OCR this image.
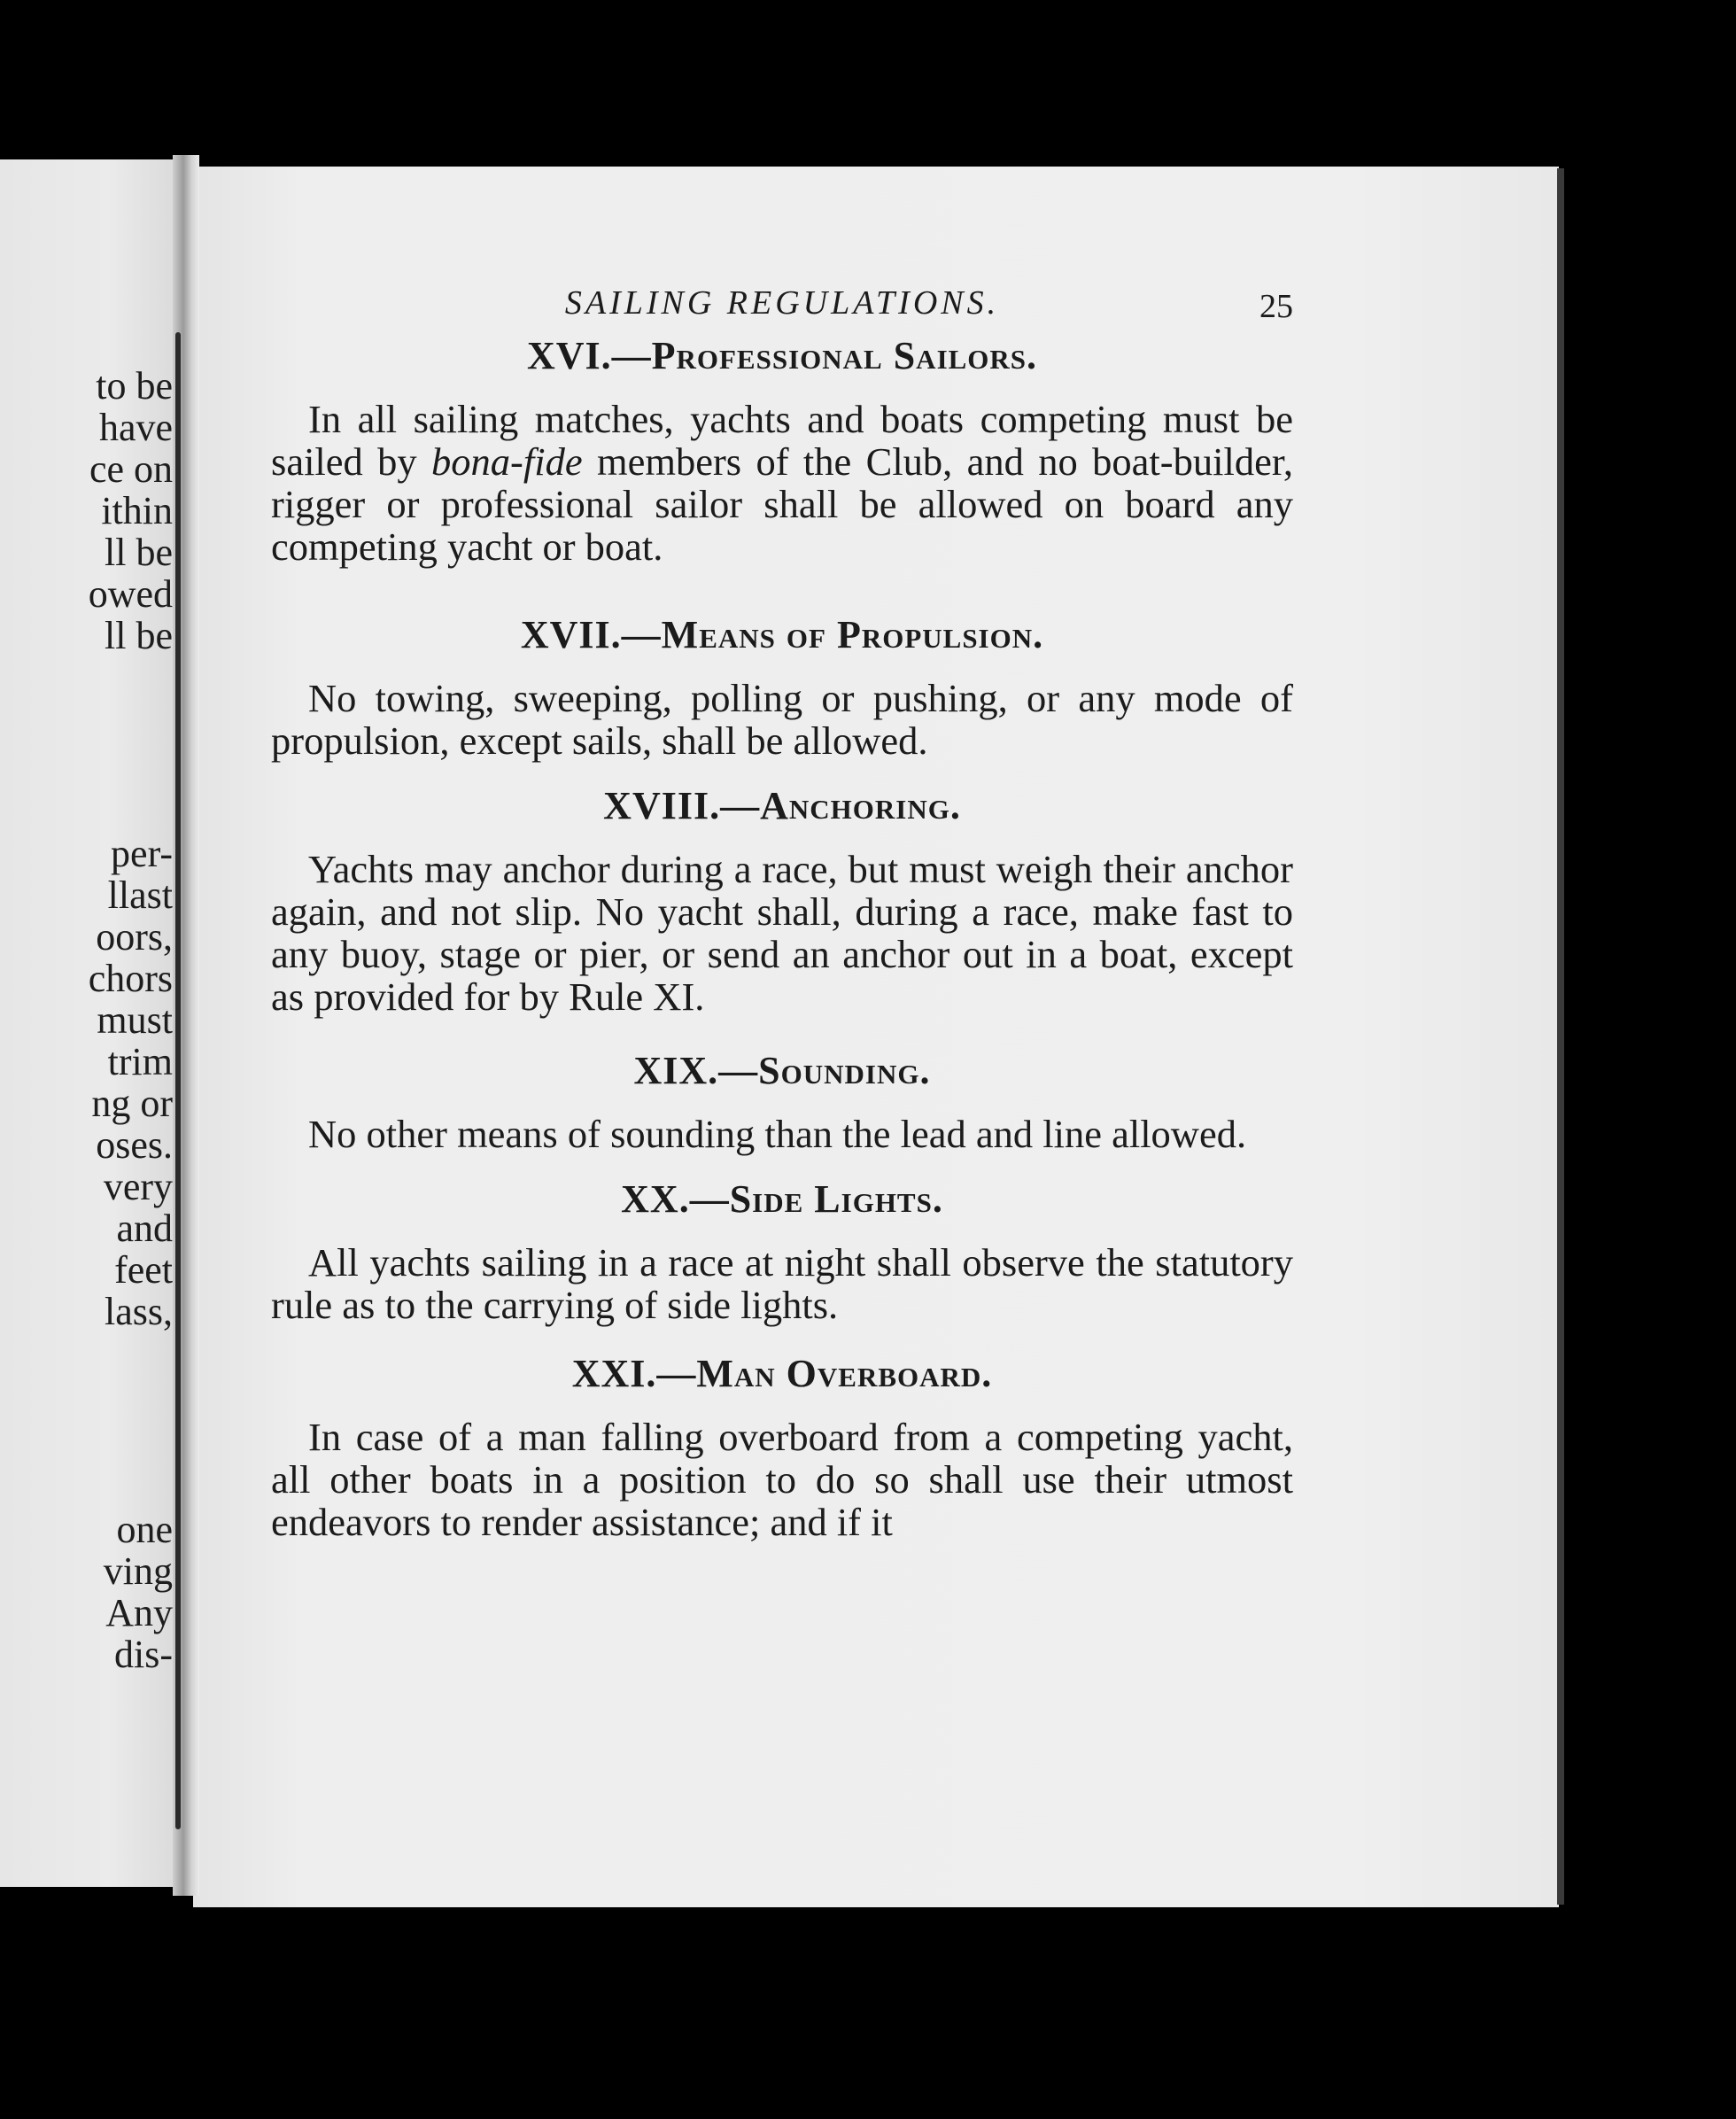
to be
have
ce on
ithin
ll be
owed
ll be
per-
llast
oors,
chors
must
trim
ng or
oses.
very
and
feet
lass,
one
ving
Any
dis-
SAILING REGULATIONS.	25
XVI.—Professional Sailors.

In all sailing matches, yachts and boats competing must be sailed by bona-fide members of the Club, and no boat-builder, rigger or professional sailor shall be allowed on board any competing yacht or boat.

XVII.—Means of Propulsion.

No towing, sweeping, polling or pushing, or any mode of propulsion, except sails, shall be allowed.

XVIII.—Anchoring.

Yachts may anchor during a race, but must weigh their anchor again, and not slip. No yacht shall, during a race, make fast to any buoy, stage or pier, or send an anchor out in a boat, except as provided for by Rule XI.

XIX.—Sounding.

No other means of sounding than the lead and line allowed.

XX.—Side Lights.

All yachts sailing in a race at night shall observe the statutory rule as to the carrying of side lights.

XXI.—Man Overboard.

In case of a man falling overboard from a competing yacht, all other boats in a position to do so shall use their utmost endeavors to render assistance; and if it
